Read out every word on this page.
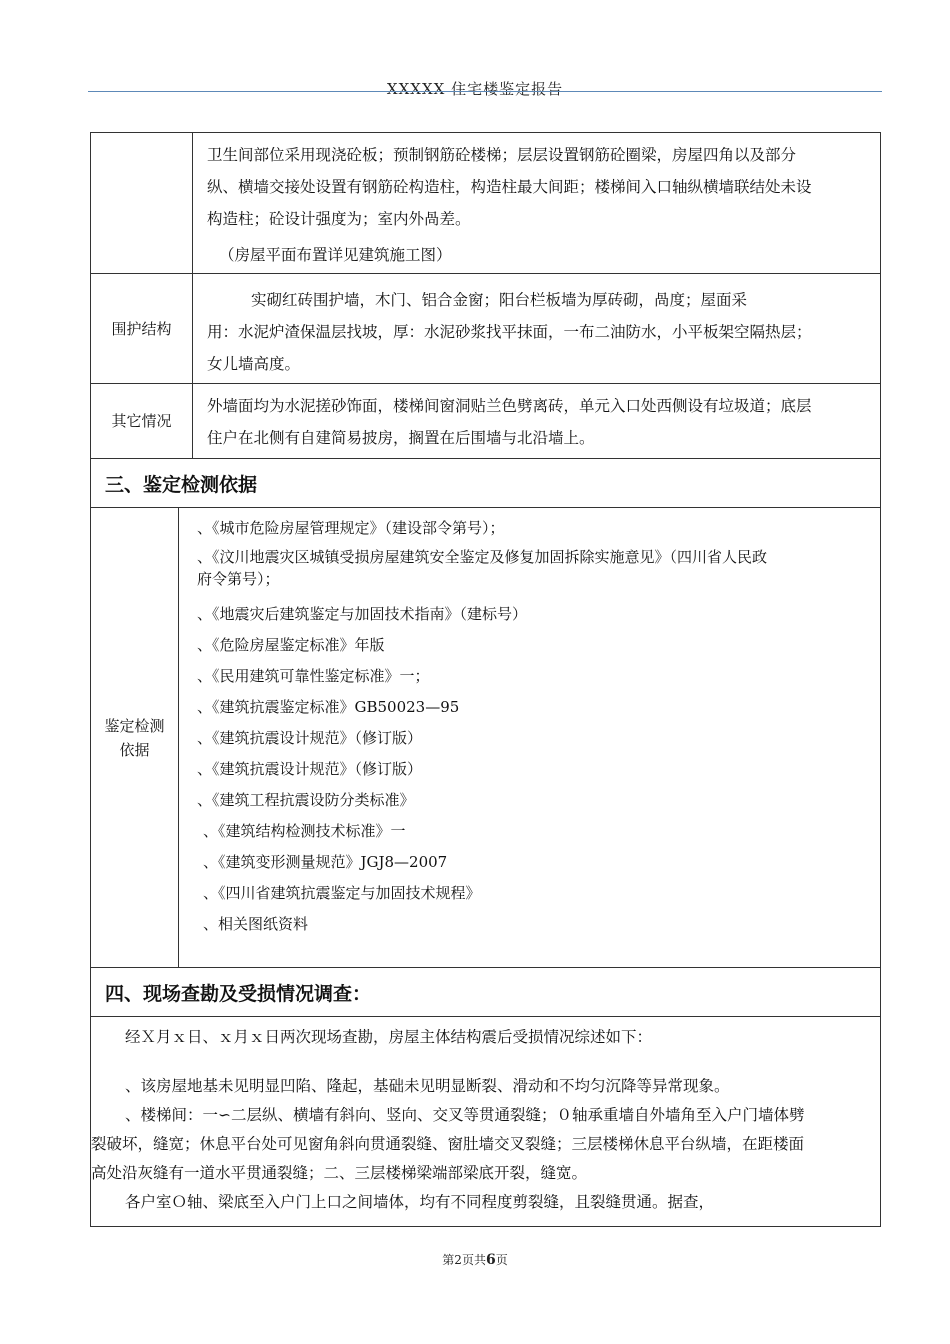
XXXXX 住宅楼鉴定报告

卫生间部位采用现浇砼板；预制钢筋砼楼梯；层层设置钢筋砼圈梁，房屋四角以及部分

纵、横墙交接处设置有钢筋砼构造柱，构造柱最大间距；楼梯间入口轴纵横墙联结处未设

构造柱；砼设计强度为；室内外咼差。

（房屋平面布置详见建筑施工图）

围护结构

实砌红砖围护墙，木门、铝合金窗；阳台栏板墙为厚砖砌，咼度；屋面采

用：水泥炉渣保温层找坡，厚：水泥砂浆找平抹面，一布二油防水，小平板架空隔热层；

女儿墙高度。

其它情况

外墙面均为水泥搓砂饰面，楼梯间窗洞贴兰色劈离砖，单元入口处西侧设有垃圾道；底层

住户在北侧有自建简易披房，搁置在后围墙与北沿墙上。

三、鉴定检测依据
鉴定检测依据
、《城市危险房屋管理规定》（建设部令第号）；
、《汶川地震灾区城镇受损房屋建筑安全鉴定及修复加固拆除实施意见》（四川省人民政
府令第号）；
、《地震灾后建筑鉴定与加固技术指南》（建标号）
、《危险房屋鉴定标准》年版
、《民用建筑可靠性鉴定标准》一；
、《建筑抗震鉴定标准》GB50023—95
、《建筑抗震设计规范》（修订版）
、《建筑抗震设计规范》（修订版）
、《建筑工程抗震设防分类标准》
、《建筑结构检测技术标准》一
、《建筑变形测量规范》JGJ8—2007
、《四川省建筑抗震鉴定与加固技术规程》
、相关图纸资料
四、现场查勘及受损情况调查：
经Ｘ月ｘ日、ｘ月ｘ日两次现场查勘，房屋主体结构震后受损情况综述如下：
、该房屋地基未见明显凹陷、隆起，基础未见明显断裂、滑动和不均匀沉降等异常现象。
、楼梯间：一∽二层纵、横墙有斜向、竖向、交叉等贯通裂缝；０轴承重墙自外墙角至入户门墙体劈
裂破坏，缝宽；休息平台处可见窗角斜向贯通裂缝、窗肚墙交叉裂缝；三层楼梯休息平台纵墙，在距楼面
高处沿灰缝有一道水平贯通裂缝；二、三层楼梯梁端部梁底开裂，缝宽。
各户室Ｏ轴、梁底至入户门上口之间墙体，均有不同程度剪裂缝，且裂缝贯通。据查，
第2页共6页
